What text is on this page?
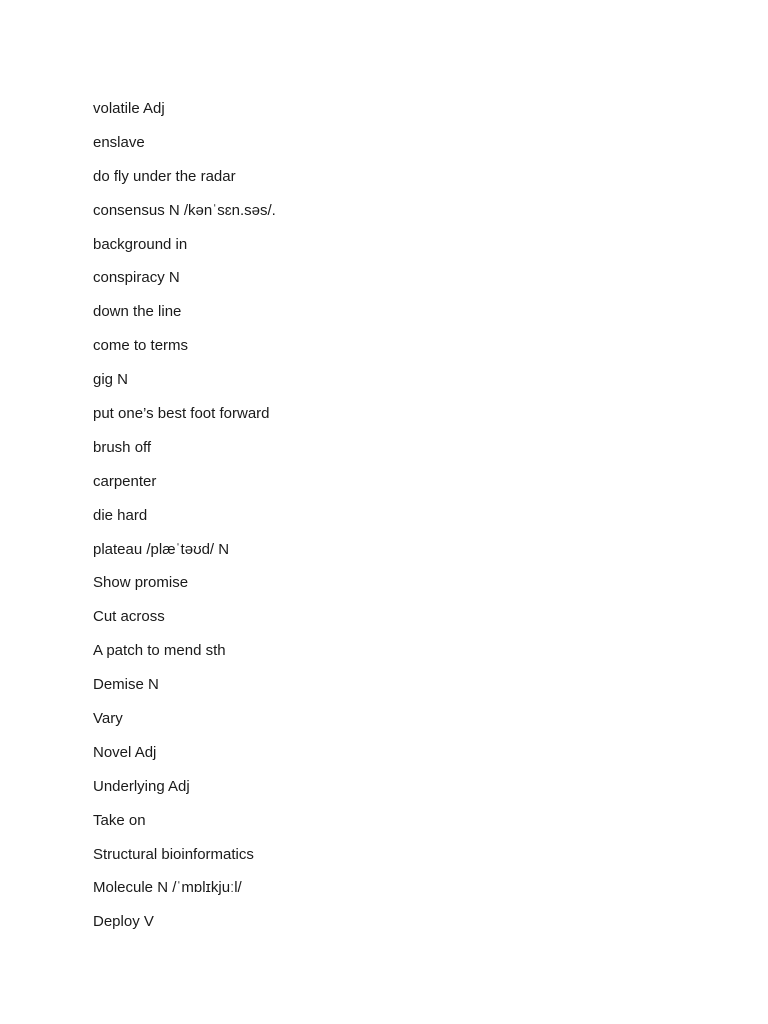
volatile Adj
enslave
do fly under the radar
consensus N /kənˈsɛn.səs/.
background in
conspiracy N
down the line
come to terms
gig N
put one’s best foot forward
brush off
carpenter
die hard
plateau /plæˈtəʊd/ N
Show promise
Cut across
A patch to mend sth
Demise N
Vary
Novel Adj
Underlying Adj
Take on
Structural bioinformatics
Molecule N /ˈmɒlɪkjuːl/
Deploy V
